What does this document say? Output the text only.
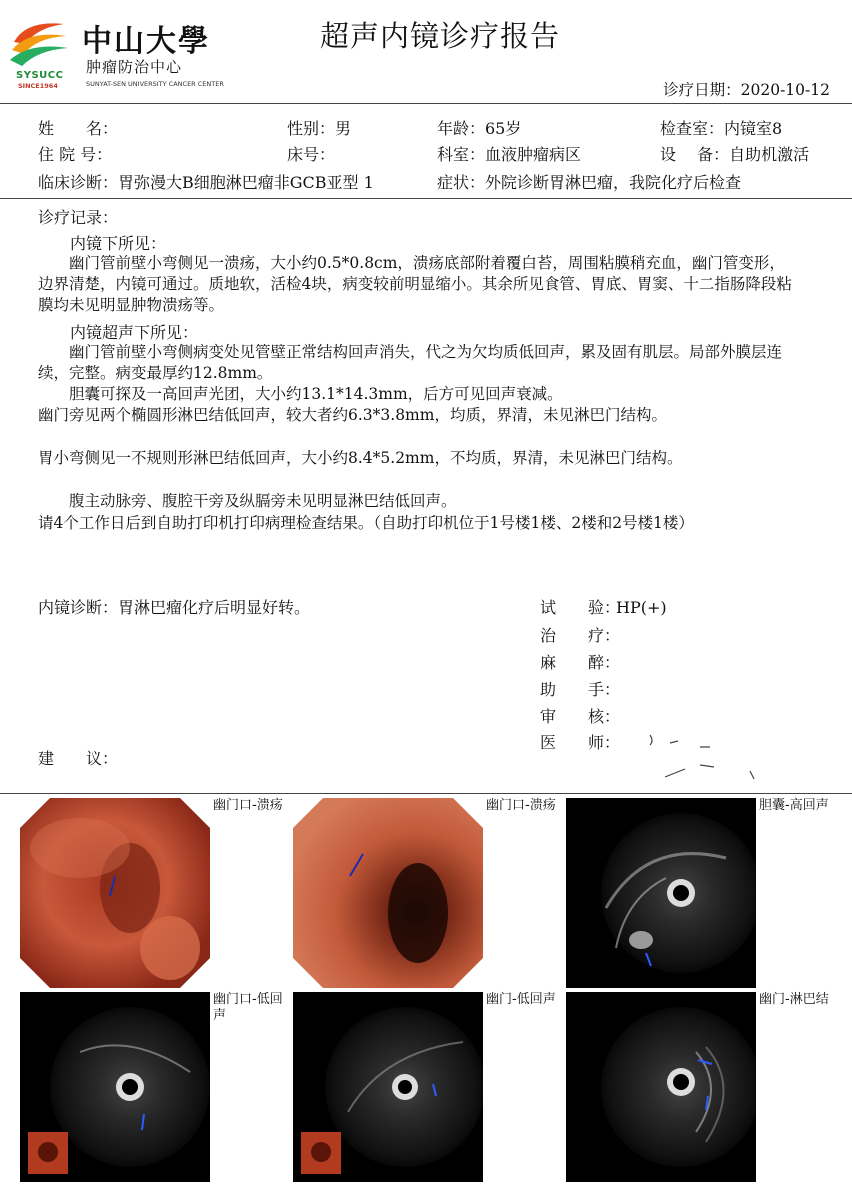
SYSUCC
SINCE1964
中山大學
肿瘤防治中心
SUNYAT-SEN UNIVERSITY CANCER CENTER
超声内镜诊疗报告
诊疗日期：2020-10-12
姓　　名：	性别：男	年龄：65岁	检查室：内镜室8
住 院 号：	床号：	科室：血液肿瘤病区	设　 备：自助机激活
临床诊断：胃弥漫大B细胞淋巴瘤非GCB亚型 1	症状：外院诊断胃淋巴瘤，我院化疗后检查
诊疗记录：
内镜下所见：
　　幽门管前壁小弯侧见一溃疡，大小约0.5*0.8cm，溃疡底部附着覆白苔，周围粘膜稍充血，幽门管变形，边界清楚，内镜可通过。质地软，活检4块，病变较前明显缩小。其余所见食管、胃底、胃窦、十二指肠降段粘膜均未见明显肿物溃疡等。
内镜超声下所见：
　　幽门管前壁小弯侧病变处见管壁正常结构回声消失，代之为欠均质低回声，累及固有肌层。局部外膜层连续，完整。病变最厚约12.8mm。
　　胆囊可探及一高回声光团，大小约13.1*14.3mm，后方可见回声衰减。
幽门旁见两个椭圆形淋巴结低回声，较大者约6.3*3.8mm，均质，界清，未见淋巴门结构。
胃小弯侧见一不规则形淋巴结低回声，大小约8.4*5.2mm，不均质，界清，未见淋巴门结构。
　　腹主动脉旁、腹腔干旁及纵膈旁未见明显淋巴结低回声。
请4个工作日后到自助打印机打印病理检查结果。（自助打印机位于1号楼1楼、2楼和2号楼1楼）
内镜诊断：胃淋巴瘤化疗后明显好转。
建　　议：
试　　验：HP(+)
治　　疗：
麻　　醉：
助　　手：
审　　核：
医　　师：
幽门口-溃疡	幽门口-溃疡	胆囊-高回声
幽门口-低回声
幽门-低回声	幽门-淋巴结
